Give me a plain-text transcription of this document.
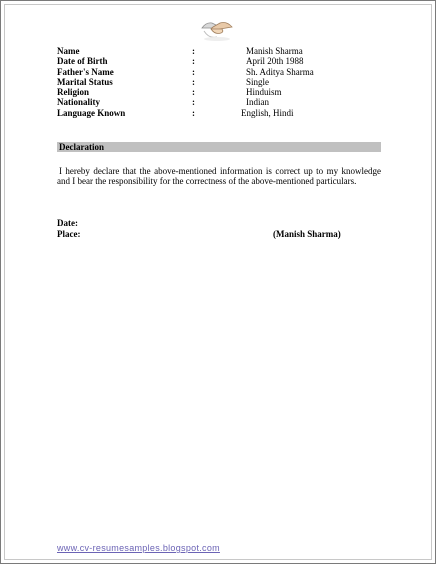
Name	:	Manish Sharma
Date of Birth	:	April 20th 1988
Father's Name	:	Sh. Aditya Sharma
Marital Status	:	Single
Religion	:	Hinduism
Nationality	:	Indian
Language Known	:	English, Hindi
Declaration
I hereby declare that the above-mentioned information is correct up to my knowledge and I bear the responsibility for the correctness of the above-mentioned particulars.
Date:
Place:	(Manish Sharma)
www.cv-resumesamples.blogspot.com
